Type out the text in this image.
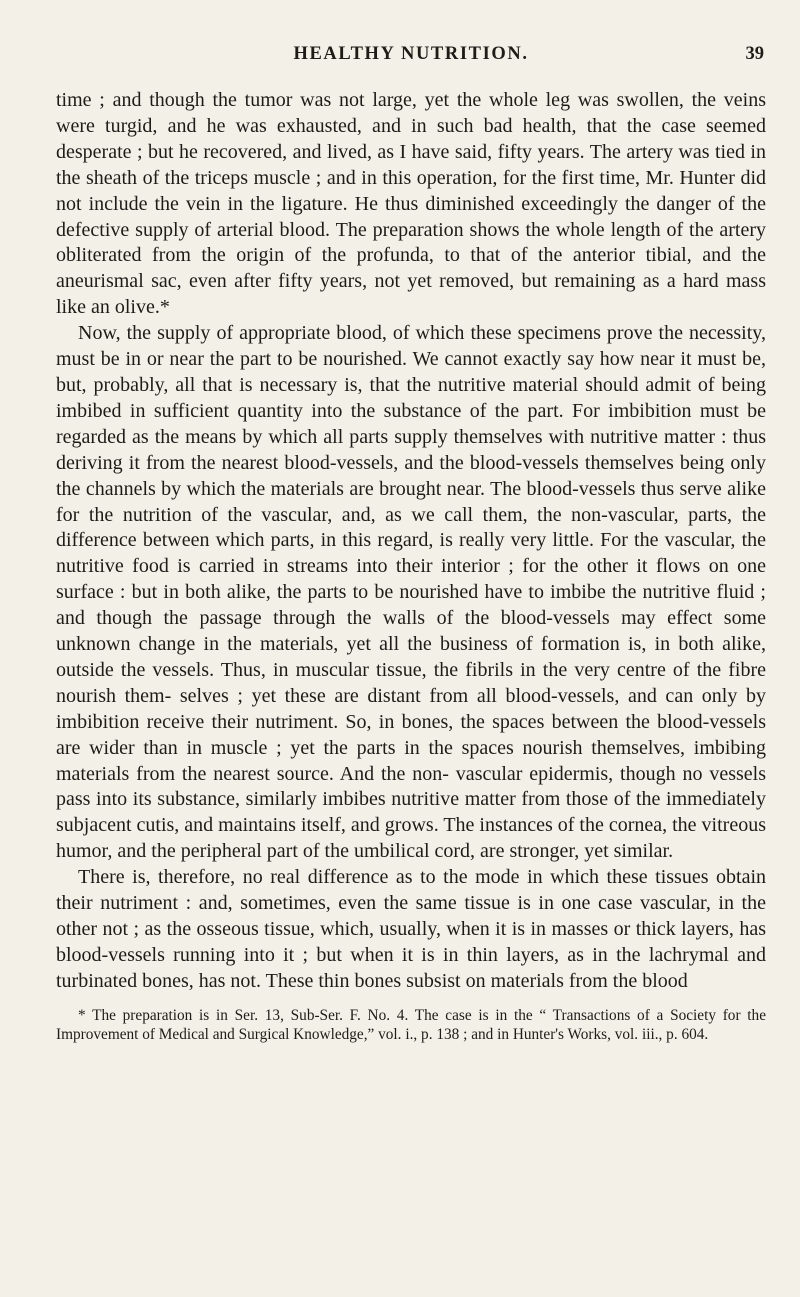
HEALTHY NUTRITION.	39

time ; and though the tumor was not large, yet the whole leg was swollen, the veins were turgid, and he was exhausted, and in such bad health, that the case seemed desperate ; but he recovered, and lived, as I have said, fifty years. The artery was tied in the sheath of the triceps muscle ; and in this operation, for the first time, Mr. Hunter did not include the vein in the ligature. He thus diminished exceedingly the danger of the defective supply of arterial blood. The preparation shows the whole length of the artery obliterated from the origin of the profunda, to that of the anterior tibial, and the aneurismal sac, even after fifty years, not yet removed, but remaining as a hard mass like an olive.*

Now, the supply of appropriate blood, of which these specimens prove the necessity, must be in or near the part to be nourished. We cannot exactly say how near it must be, but, probably, all that is necessary is, that the nutritive material should admit of being imbibed in sufficient quantity into the substance of the part. For imbibition must be regarded as the means by which all parts supply themselves with nutritive matter : thus deriving it from the nearest blood-vessels, and the blood-vessels themselves being only the channels by which the materials are brought near. The blood-vessels thus serve alike for the nutrition of the vascular, and, as we call them, the non-vascular, parts, the difference between which parts, in this regard, is really very little. For the vascular, the nutritive food is carried in streams into their interior ; for the other it flows on one surface : but in both alike, the parts to be nourished have to imbibe the nutritive fluid ; and though the passage through the walls of the blood-vessels may effect some unknown change in the materials, yet all the business of formation is, in both alike, outside the vessels. Thus, in muscular tissue, the fibrils in the very centre of the fibre nourish them- selves ; yet these are distant from all blood-vessels, and can only by imbibition receive their nutriment. So, in bones, the spaces between the blood-vessels are wider than in muscle ; yet the parts in the spaces nourish themselves, imbibing materials from the nearest source. And the non- vascular epidermis, though no vessels pass into its substance, similarly imbibes nutritive matter from those of the immediately subjacent cutis, and maintains itself, and grows. The instances of the cornea, the vitreous humor, and the peripheral part of the umbilical cord, are stronger, yet similar.

There is, therefore, no real difference as to the mode in which these tissues obtain their nutriment : and, sometimes, even the same tissue is in one case vascular, in the other not ; as the osseous tissue, which, usually, when it is in masses or thick layers, has blood-vessels running into it ; but when it is in thin layers, as in the lachrymal and turbinated bones, has not. These thin bones subsist on materials from the blood

* The preparation is in Ser. 13, Sub-Ser. F. No. 4. The case is in the “ Transactions of a Society for the Improvement of Medical and Surgical Knowledge,” vol. i., p. 138 ; and in Hunter's Works, vol. iii., p. 604.
